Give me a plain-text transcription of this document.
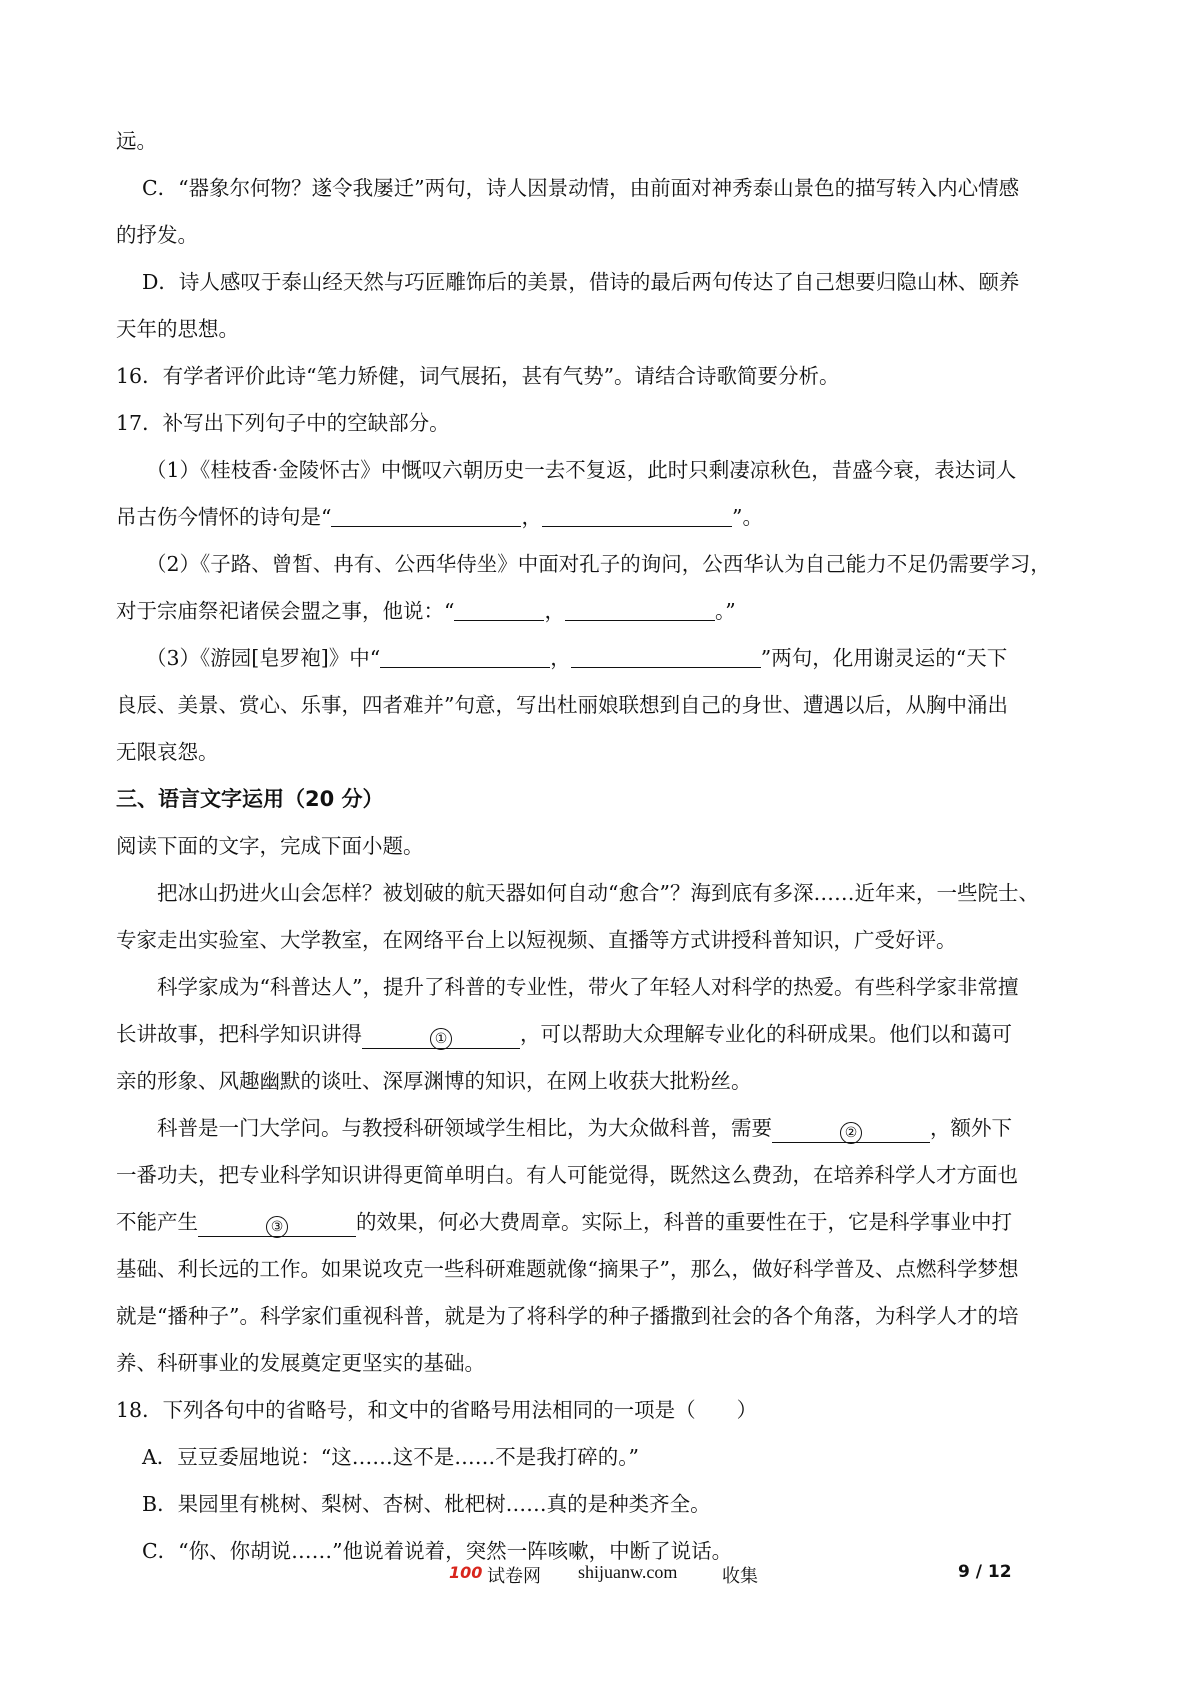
远。
C．“器象尔何物？遂令我屡迁”两句，诗人因景动情，由前面对神秀泰山景色的描写转入内心情感
的抒发。
D．诗人感叹于泰山经天然与巧匠雕饰后的美景，借诗的最后两句传达了自己想要归隐山林、颐养
天年的思想。
16．有学者评价此诗“笔力矫健，词气展拓，甚有气势”。请结合诗歌简要分析。
17．补写出下列句子中的空缺部分。
（1）《桂枝香·金陵怀古》中慨叹六朝历史一去不复返，此时只剩凄凉秋色，昔盛今衰，表达词人
吊古伤今情怀的诗句是“	，	”。
（2）《子路、曾皙、冉有、公西华侍坐》中面对孔子的询问，公西华认为自己能力不足仍需要学习，
对于宗庙祭祀诸侯会盟之事，他说：“	，	。”
（3）《游园[皂罗袍]》中“	，	”两句，化用谢灵运的“天下
良辰、美景、赏心、乐事，四者难并”句意，写出杜丽娘联想到自己的身世、遭遇以后，从胸中涌出
无限哀怨。
三、语言文字运用（20 分）
阅读下面的文字，完成下面小题。
把冰山扔进火山会怎样？被划破的航天器如何自动“愈合”？海到底有多深……近年来，一些院士、
专家走出实验室、大学教室，在网络平台上以短视频、直播等方式讲授科普知识，广受好评。
科学家成为“科普达人”，提升了科普的专业性，带火了年轻人对科学的热爱。有些科学家非常擅
长讲故事，把科学知识讲得	①	，可以帮助大众理解专业化的科研成果。他们以和蔼可
亲的形象、风趣幽默的谈吐、深厚渊博的知识，在网上收获大批粉丝。
科普是一门大学问。与教授科研领域学生相比，为大众做科普，需要	②	，额外下
一番功夫，把专业科学知识讲得更简单明白。有人可能觉得，既然这么费劲，在培养科学人才方面也
不能产生	③	的效果，何必大费周章。实际上，科普的重要性在于，它是科学事业中打
基础、利长远的工作。如果说攻克一些科研难题就像“摘果子”，那么，做好科学普及、点燃科学梦想
就是“播种子”。科学家们重视科普，就是为了将科学的种子播撒到社会的各个角落，为科学人才的培
养、科研事业的发展奠定更坚实的基础。
18．下列各句中的省略号，和文中的省略号用法相同的一项是（　　）
A．豆豆委屈地说：“这……这不是……不是我打碎的。”
B．果园里有桃树、梨树、杏树、枇杷树……真的是种类齐全。
C．“你、你胡说……”他说着说着，突然一阵咳嗽，中断了说话。
100 试卷网 shijuanw.com 收集	9 / 12
